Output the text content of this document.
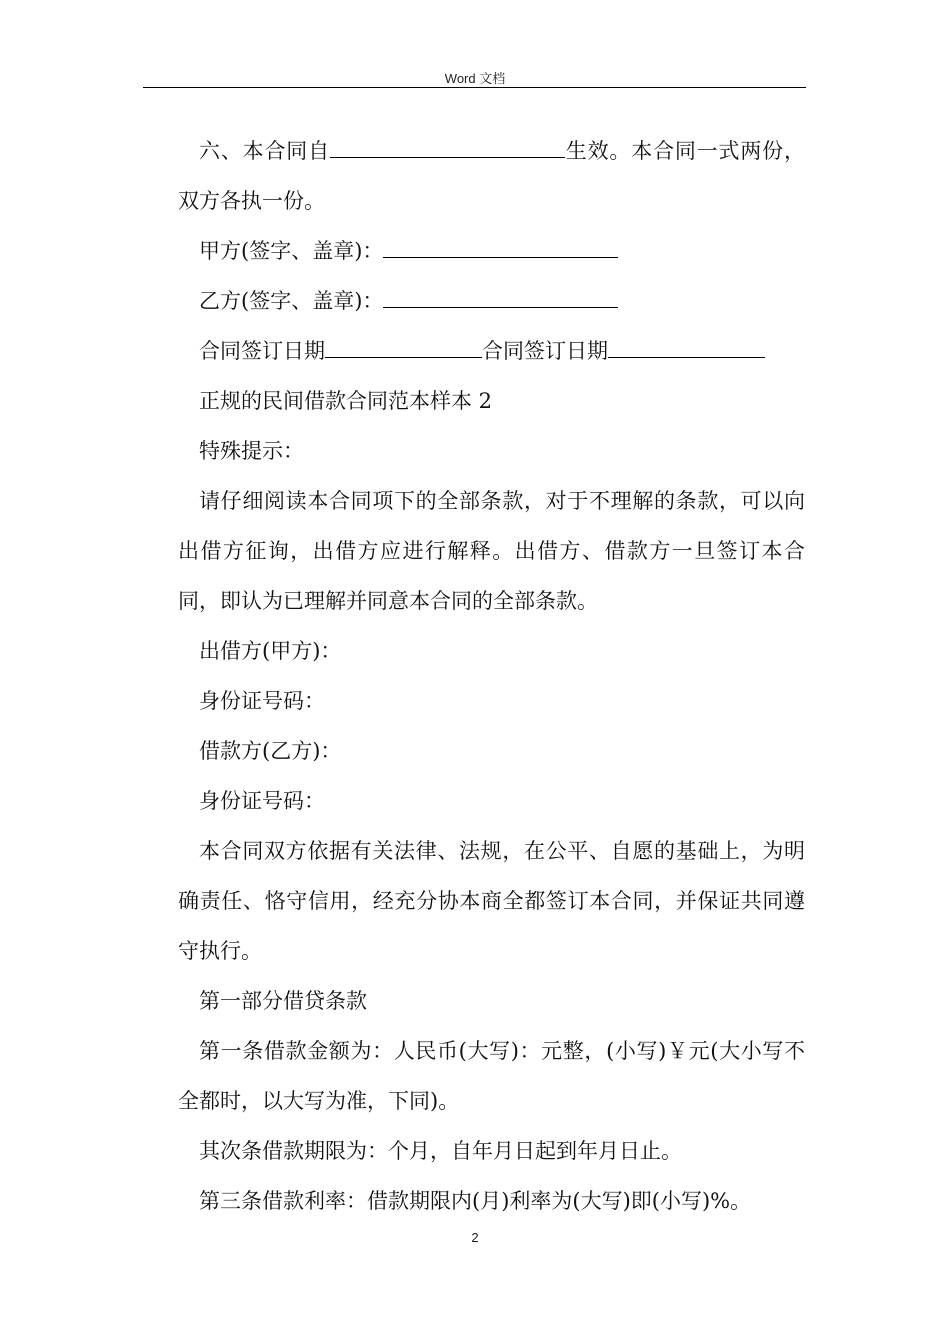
Word 文档

六、本合同自	生效。本合同一式两份，双方各执一份。

甲方(签字、盖章)：

乙方(签字、盖章)：

合同签订日期	合同签订日期

正规的民间借款合同范本样本 2

特殊提示：

请仔细阅读本合同项下的全部条款，对于不理解的条款，可以向出借方征询，出借方应进行解释。出借方、借款方一旦签订本合同，即认为已理解并同意本合同的全部条款。

出借方(甲方)：

身份证号码：

借款方(乙方)：

身份证号码：

本合同双方依据有关法律、法规，在公平、自愿的基础上，为明确责任、恪守信用，经充分协本商全都签订本合同，并保证共同遵守执行。

第一部分借贷条款

第一条借款金额为：人民币(大写)：元整，(小写)￥元(大小写不全都时，以大写为准，下同)。

其次条借款期限为：个月，自年月日起到年月日止。

第三条借款利率：借款期限内(月)利率为(大写)即(小写)%。

2
